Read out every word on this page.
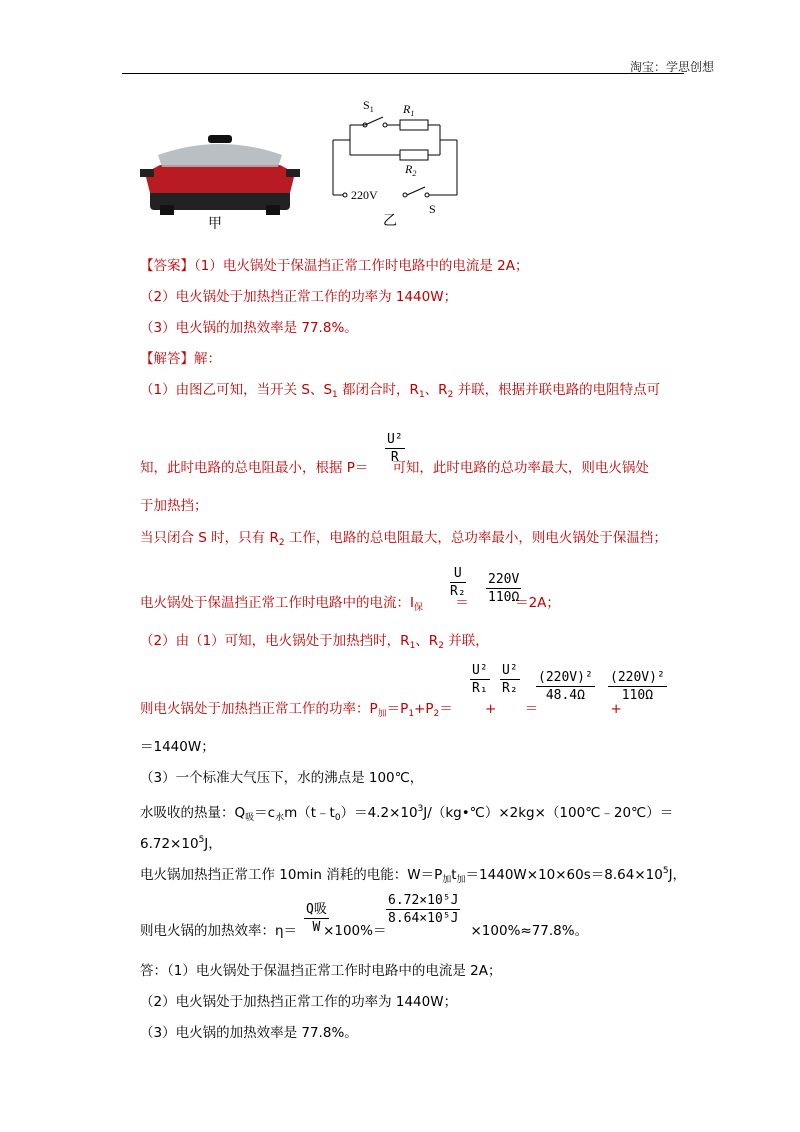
淘宝：学思创想
甲
$S_1$ $R_1$
$R_2$
220V
S
乙
【答案】（1）电火锅处于保温挡正常工作时电路中的电流是 2A；
（2）电火锅处于加热挡正常工作的功率为 1440W；
（3）电火锅的加热效率是 77.8%。
【解答】解：
（1）由图乙可知，当开关 S、$S_1$ 都闭合时，$R_1$、$R_2$ 并联，根据并联电路的电阻特点可
$\frac{\text{U²}}{R}$
知，此时电路的总电阻最小，根据 P＝ 可知，此时电路的总功率最大，则电火锅处
于加热挡；
当只闭合 S 时，只有 $R_2$ 工作，电路的总电阻最大，总功率最小，则电火锅处于保温挡；
$\frac{U}{\text{R₂}} \frac{220V}{110\Omega}$
电火锅处于保温挡正常工作时电路中的电流：$I_保$ ＝	＝2A；
（2）由（1）可知，电火锅处于加热挡时，$R_1$、$R_2$ 并联，
$\frac{\text{U²}}{\text{R₁}} \frac{\text{U²}}{\text{R₂}} \frac{\text{(220V)²}}{48.4\Omega} \frac{\text{(220V)²}}{110\Omega}$
则电火锅处于加热挡正常工作的功率：$P_加=P_1+P_2=$ + ＝	+
＝1440W；
（3）一个标准大气压下，水的沸点是 100℃，
水吸收的热量：$Q_吸=c_水m(t﹣t_0)=4.2\times 10^3J/(kg•℃)\times 2kg\times(100℃﹣20℃)=$
$6.72\times 10^5J$，
电火锅加热挡正常工作 10min 消耗的电能：$W=P_加t_加=1440W\times 10\times 60s=8.64\times 10^5J$，
Q吸
W
$\frac{\text{6.72×10⁵J}}{\text{8.64×10⁵J}}$
则电火锅的加热效率：η＝ ×100%＝	×100%≈77.8%。
答：（1）电火锅处于保温挡正常工作时电路中的电流是 2A；
（2）电火锅处于加热挡正常工作的功率为 1440W；
（3）电火锅的加热效率是 77.8%。
